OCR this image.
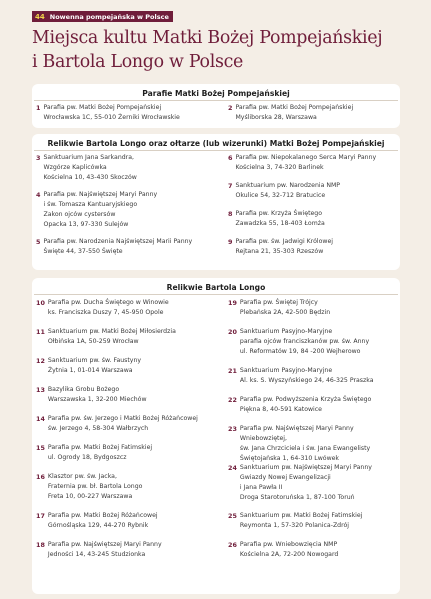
44 Nowenna pompejańska w Polsce
Miejsca kultu Matki Bożej Pompejańskiej
i Bartola Longo w Polsce
Parafie Matki Bożej Pompejańskiej
1 Parafia pw. Matki Bożej Pompejańskiej
Wrocławska 1C, 55-010 Żerniki Wrocławskie
2 Parafia pw. Matki Bożej Pompejańskiej
Myśliborska 28, Warszawa
Relikwie Bartola Longo oraz ołtarze (lub wizerunki) Matki Bożej Pompejańskiej
3 Sanktuarium Jana Sarkandra,
Wzgórze Kaplicówka
Kościelna 10, 43-430 Skoczów
4 Parafia pw. Najświętszej Maryi Panny
i św. Tomasza Kantuaryjskiego
Zakon ojców cystersów
Opacka 13, 97-330 Sulejów
5 Parafia pw. Narodzenia Najświętszej Marii Panny
Święte 44, 37-550 Święte
6 Parafia pw. Niepokalanego Serca Maryi Panny
Kościelna 3, 74-320 Barlinek
7 Sanktuarium pw. Narodzenia NMP
Okulice 54, 32-712 Bratucice
8 Parafia pw. Krzyża Świętego
Zawadzka 55, 18-403 Łomża
9 Parafia pw. św. Jadwigi Królowej
Rejtana 21, 35-303 Rzeszów
Relikwie Bartola Longo
10 Parafia pw. Ducha Świętego w Winowie
ks. Franciszka Duszy 7, 45-950 Opole
11 Sanktuarium pw. Matki Bożej Miłosierdzia
Ołbińska 1A, 50-259 Wrocław
12 Sanktuarium pw. św. Faustyny
Żytnia 1, 01-014 Warszawa
13 Bazylika Grobu Bożego
Warszawska 1, 32-200 Miechów
14 Parafia pw. św. Jerzego i Matki Bożej Różańcowej
św. Jerzego 4, 58-304 Wałbrzych
15 Parafia pw. Matki Bożej Fatimskiej
ul. Ogrody 18, Bydgoszcz
16 Klasztor pw. św. Jacka,
Fraternia pw. bł. Bartola Longo
Freta 10, 00-227 Warszawa
17 Parafia pw. Matki Bożej Różańcowej
Górnośląska 129, 44-270 Rybnik
18 Parafia pw. Najświętszej Maryi Panny
Jedności 14, 43-245 Studzionka
19 Parafia pw. Świętej Trójcy
Plebańska 2A, 42-500 Będzin
20 Sanktuarium Pasyjno-Maryjne
parafia ojców franciszkanów pw. św. Anny
ul. Reformatów 19, 84 -200 Wejherowo
21 Sanktuarium Pasyjno-Maryjne
Al. ks. S. Wyszyńskiego 24, 46-325 Praszka
22 Parafia pw. Podwyższenia Krzyża Świętego
Piękna 8, 40-591 Katowice
23 Parafia pw. Najświętszej Maryi Panny Wniebowziętej,
św. Jana Chrzciciela i św. Jana Ewangelisty
Świętojańska 1, 64-310 Lwówek
24 Sanktuarium pw. Najświętszej Maryi Panny
Gwiazdy Nowej Ewangelizacji
i Jana Pawła II
Droga Starotoruńska 1, 87-100 Toruń
25 Sanktuarium pw. Matki Bożej Fatimskiej
Reymonta 1, 57-320 Polanica-Zdrój
26 Parafia pw. Wniebowzięcia NMP
Kościelna 2A, 72-200 Nowogard
